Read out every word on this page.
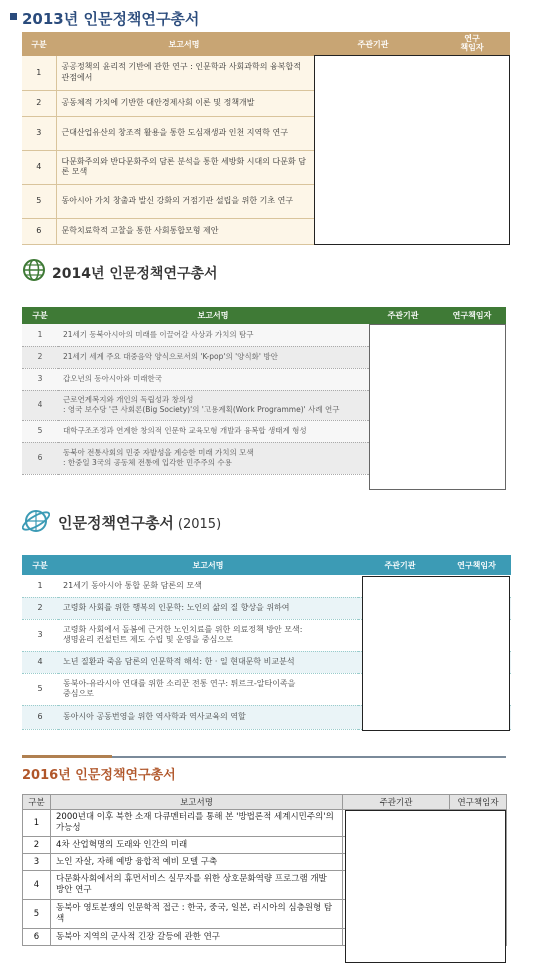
2013년 인문정책연구총서
구분	보고서명	주관기관	연구
책임자
1	공공정책의 윤리적 기반에 관한 연구 : 인문학과 사회과학의 융복합적 관점에서		
2	공동체적 가치에 기반한 대안경제사회 이론 및 정책개발		
3	근대산업유산의 창조적 활용을 통한 도심재생과 인천 지역학 연구		
4	다문화주의와 반다문화주의 담론 분석을 통한 세방화 시대의 다문화 담론 모색		
5	동아시아 가치 창출과 발신 강화의 거점기관 설립을 위한 기초 연구		
6	문학치료학적 고찰을 통한 사회통합모형 제안		
2014년 인문정책연구총서
구분	보고서명	주관기관	연구책임자
1	21세기 동북아시아의 미래를 이끌어갈 사상과 가치의 탐구		
2	21세기 세계 주요 대중음악 양식으로서의 'K-pop'의 '양식화' 방안		
3	갑오년의 동아시아와 미래한국		
4	근로연계복지와 개인의 독립성과 창의성
: 영국 보수당 '큰 사회론(Big Society)'의 '고용계획(Work Programme)' 사례 연구		
5	대학구조조정과 연계한 창의적 인문학 교육모형 개발과 융복합 생태계 형성		
6	동북아 전통사회의 민중 자발성을 계승한 미래 가치의 모색
: 한중일 3국의 공동체 전통에 입각한 민주주의 수용		
인문정책연구총서 (2015)
구분	보고서명	주관기관	연구책임자
1	21세기 동아시아 통합 문화 담론의 모색		
2	고령화 사회를 위한 행복의 인문학: 노인의 삶의 질 향상을 위하여		
3	고령화 사회에서 돌봄에 근거한 노인치료를 위한 의료정책 방안 모색:
생명윤리 컨설턴트 제도 수립 및 운영을 중심으로		
4	노년 질환과 죽음 담론의 인문학적 해석: 한 · 일 현대문학 비교분석		
5	동북아-유라시아 연대를 위한 소리꾼 전통 연구: 튀르크-알타이족을
중심으로		
6	동아시아 공동번영을 위한 역사학과 역사교육의 역할		
2016년 인문정책연구총서
구분	보고서명	주관기관	연구책임자
1	2000년대 이후 북한 소재 다큐멘터리를 통해 본 '방법론적 세계시민주의'의 가능성		
2	4차 산업혁명의 도래와 인간의 미래		
3	노인 자살, 자해 예방 융합적 예비 모델 구축		
4	다문화사회에서의 휴먼서비스 실무자를 위한 상호문화역량 프로그램 개발 방안 연구		
5	동북아 영토분쟁의 인문학적 접근 : 한국, 중국, 일본, 러시아의 심층원형 탐색		
6	동북아 지역의 군사적 긴장 갈등에 관한 연구		
